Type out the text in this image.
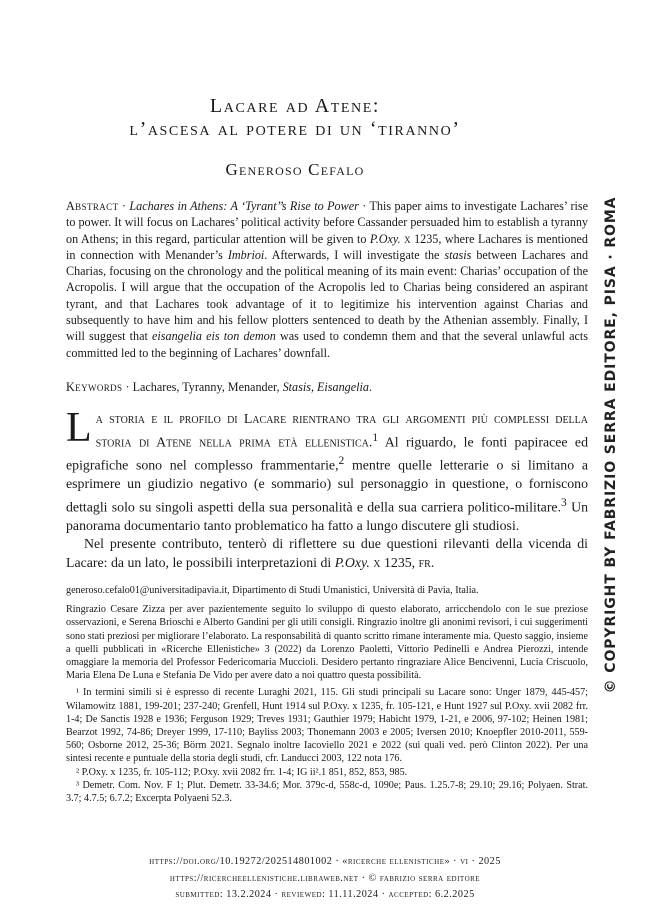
Lacare ad Atene:
l’ascesa al potere di un ‘tiranno’
Generoso Cefalo
Abstract · Lachares in Athens: A ‘Tyrant’’s Rise to Power · This paper aims to investigate Lachares’ rise to power. It will focus on Lachares’ political activity before Cassander persuaded him to establish a tyranny on Athens; in this regard, particular attention will be given to P.Oxy. x 1235, where Lachares is mentioned in connection with Menander’s Imbrioi. Afterwards, I will investigate the stasis between Lachares and Charias, focusing on the chronology and the political meaning of its main event: Charias’ occupation of the Acropolis. I will argue that the occupation of the Acropolis led to Charias being considered an aspirant tyrant, and that Lachares took advantage of it to legitimize his intervention against Charias and subsequently to have him and his fellow plotters sentenced to death by the Athenian assembly. Finally, I will suggest that eisangelia eis ton demon was used to condemn them and that the several unlawful acts committed led to the beginning of Lachares’ downfall.
Keywords · Lachares, Tyranny, Menander, Stasis, Eisangelia.

La storia e il profilo di Lacare rientrano tra gli argomenti più complessi della storia di Atene nella prima età ellenistica.$^1$ Al riguardo, le fonti papiracee ed epigrafiche sono nel complesso frammentarie,$^2$ mentre quelle letterarie o si limitano a esprimere un giudizio negativo (e sommario) sul personaggio in questione, o forniscono dettagli solo su singoli aspetti della sua personalità e della sua carriera politico-militare.$^3$ Un panorama documentario tanto problematico ha fatto a lungo discutere gli studiosi.

Nel presente contributo, tenterò di riflettere su due questioni rilevanti della vicenda di Lacare: da un lato, le possibili interpretazioni di P.Oxy. x 1235, fr.

generoso.cefalo01@universitadipavia.it, Dipartimento di Studi Umanistici, Università di Pavia, Italia.

Ringrazio Cesare Zizza per aver pazientemente seguito lo sviluppo di questo elaborato, arricchendolo con le sue preziose osservazioni, e Serena Brioschi e Alberto Gandini per gli utili consigli. Ringrazio inoltre gli anonimi revisori, i cui suggerimenti sono stati preziosi per migliorare l’elaborato. La responsabilità di quanto scritto rimane interamente mia. Questo saggio, insieme a quelli pubblicati in «Ricerche Ellenistiche» 3 (2022) da Lorenzo Paoletti, Vittorio Pedinelli e Andrea Pierozzi, intende omaggiare la memoria del Professor Federicomaria Muccioli. Desidero pertanto ringraziare Alice Bencivenni, Lucia Criscuolo, Maria Elena De Luna e Stefania De Vido per avere dato a noi quattro questa possibilità.

¹ In termini simili si è espresso di recente Luraghi 2021, 115. Gli studi principali su Lacare sono: Unger 1879, 445-457; Wilamowitz 1881, 199-201; 237-240; Grenfell, Hunt 1914 sul P.Oxy. x 1235, fr. 105-121, e Hunt 1927 sul P.Oxy. xvii 2082 frr. 1-4; De Sanctis 1928 e 1936; Ferguson 1929; Treves 1931; Gauthier 1979; Habicht 1979, 1-21, e 2006, 97-102; Heinen 1981; Bearzot 1992, 74-86; Dreyer 1999, 17-110; Bayliss 2003; Thonemann 2003 e 2005; Iversen 2010; Knoepfler 2010-2011, 559-560; Osborne 2012, 25-36; Börm 2021. Segnalo inoltre Iacoviello 2021 e 2022 (sui quali ved. però Clinton 2022). Per una sintesi recente e puntuale della storia degli studi, cfr. Landucci 2003, 122 nota 176.

² P.Oxy. x 1235, fr. 105-112; P.Oxy. xvii 2082 frr. 1-4; IG ii².1 851, 852, 853, 985.

³ Demetr. Com. Nov. F 1; Plut. Demetr. 33-34.6; Mor. 379c-d, 558c-d, 1090e; Paus. 1.25.7-8; 29.10; 29.16; Polyaen. Strat. 3.7; 4.7.5; 6.7.2; Excerpta Polyaeni 52.3.

https://doi.org/10.19272/202514801002 · «ricerche ellenistiche» · vi · 2025
https://ricercheellenistiche.libraweb.net · © fabrizio serra editore
submitted: 13.2.2024 · reviewed: 11.11.2024 · accepted: 6.2.2025
© COPYRIGHT BY FABRIZIO SERRA EDITORE, PISA · ROMA
